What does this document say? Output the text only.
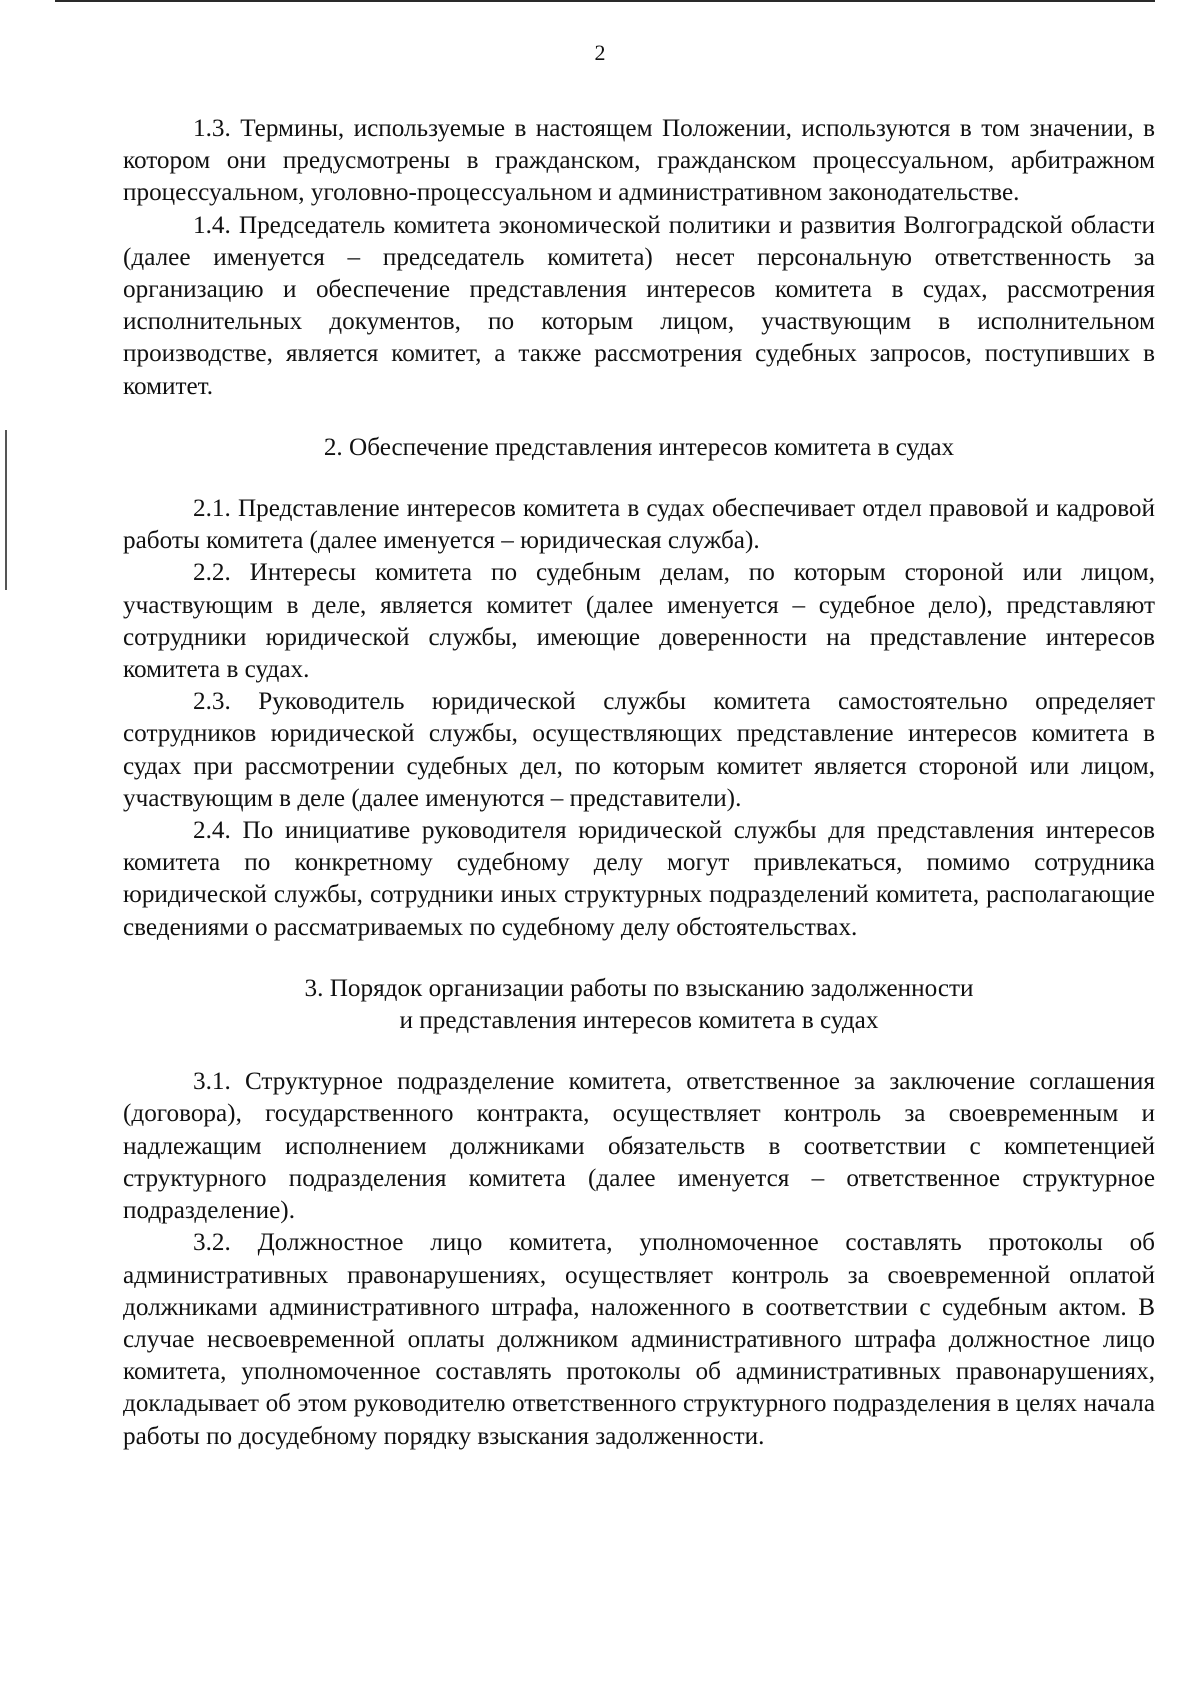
2

1.3. Термины, используемые в настоящем Положении, используются в том значении, в котором они предусмотрены в гражданском, гражданском процессуальном, арбитражном процессуальном, уголовно-процессуальном и административном законодательстве.

1.4. Председатель комитета экономической политики и развития Волгоградской области (далее именуется – председатель комитета) несет персональную ответственность за организацию и обеспечение представления интересов комитета в судах, рассмотрения исполнительных документов, по которым лицом, участвующим в исполнительном производстве, является комитет, а также рассмотрения судебных запросов, поступивших в комитет.

2. Обеспечение представления интересов комитета в судах

2.1. Представление интересов комитета в судах обеспечивает отдел правовой и кадровой работы комитета (далее именуется – юридическая служба).

2.2. Интересы комитета по судебным делам, по которым стороной или лицом, участвующим в деле, является комитет (далее именуется – судебное дело), представляют сотрудники юридической службы, имеющие доверенности на представление интересов комитета в судах.

2.3. Руководитель юридической службы комитета самостоятельно определяет сотрудников юридической службы, осуществляющих представление интересов комитета в судах при рассмотрении судебных дел, по которым комитет является стороной или лицом, участвующим в деле (далее именуются – представители).

2.4. По инициативе руководителя юридической службы для представления интересов комитета по конкретному судебному делу могут привлекаться, помимо сотрудника юридической службы, сотрудники иных структурных подразделений комитета, располагающие сведениями о рассматриваемых по судебному делу обстоятельствах.

3. Порядок организации работы по взысканию задолженности

и представления интересов комитета в судах

3.1. Структурное подразделение комитета, ответственное за заключение соглашения (договора), государственного контракта, осуществляет контроль за своевременным и надлежащим исполнением должниками обязательств в соответствии с компетенцией структурного подразделения комитета (далее именуется – ответственное структурное подразделение).

3.2. Должностное лицо комитета, уполномоченное составлять протоколы об административных правонарушениях, осуществляет контроль за своевременной оплатой должниками административного штрафа, наложенного в соответствии с судебным актом. В случае несвоевременной оплаты должником административного штрафа должностное лицо комитета, уполномоченное составлять протоколы об административных правонарушениях, докладывает об этом руководителю ответственного структурного подразделения в целях начала работы по досудебному порядку взыскания задолженности.
